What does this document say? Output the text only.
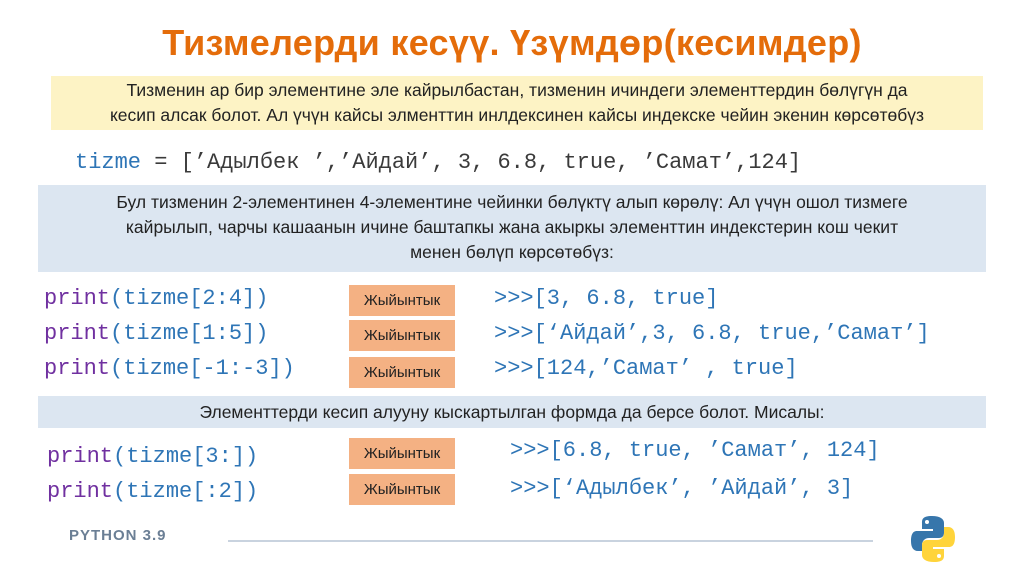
Тизмелерди кесүү. Үзүмдөр(кесимдер)
Тизменин ар бир элементине эле кайрылбастан, тизменин ичиндеги элементтердин бөлүгүн да
кесип алсак болот. Ал үчүн кайсы элменттин инлдексинен кайсы индекске чейин экенин көрсөтөбүз
tizme = [’Адылбек ’,’Айдай’, 3, 6.8, true, ’Самат’,124]
Бул тизменин 2-элементинен 4-элементине чейинки бөлүктү алып көрөлү: Ал үчүн ошол тизмеге
кайрылып, чарчы кашаанын ичине баштапкы жана акыркы элементтин индекстерин кош чекит
менен бөлүп көрсөтөбүз:
print(tizme[2:4])	Жыйынтык	>>>[3, 6.8, true]
print(tizme[1:5])	Жыйынтык	>>>[‘Айдай’,3, 6.8, true,’Самат’]
print(tizme[-1:-3])	Жыйынтык	>>>[124,’Самат’ , true]
Элементтерди кесип алууну кыскартылган формда да берсе болот. Мисалы:
print(tizme[3:])	Жыйынтык	>>>[6.8, true, ’Самат’, 124]
print(tizme[:2])	Жыйынтык	>>>[‘Адылбек’, ’Айдай’, 3]
PYTHON 3.9
